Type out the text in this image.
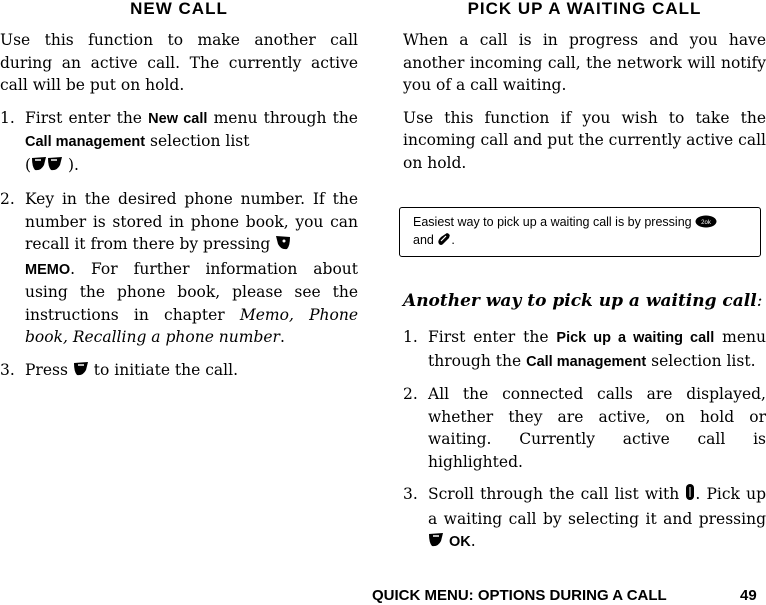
NEW CALL

Use this function to make another call during an active call. The currently active call will be put on hold.

1. First enter the New call menu through the Call management selection list
( ).
2. Key in the desired phone number. If the number is stored in phone book, you can recall it from there by pressing
MEMO. For further information about using the phone book, please see the instructions in chapter Memo, Phone book, Recalling a phone number.
3. Press to initiate the call.
PICK UP A WAITING CALL

When a call is in progress and you have another incoming call, the network will notify you of a call waiting.

Use this function if you wish to take the incoming call and put the currently active call on hold.

Easiest way to pick up a waiting call is by pressing 2ok

and .

Another way to pick up a waiting call:

1. First enter the Pick up a waiting call menu through the Call management selection list.
2. All the connected calls are displayed, whether they are active, on hold or waiting. Currently active call is highlighted.
3. Scroll through the call list with . Pick up a waiting call by selecting it and pressing  OK.
QUICK MENU: OPTIONS DURING A CALL	49
